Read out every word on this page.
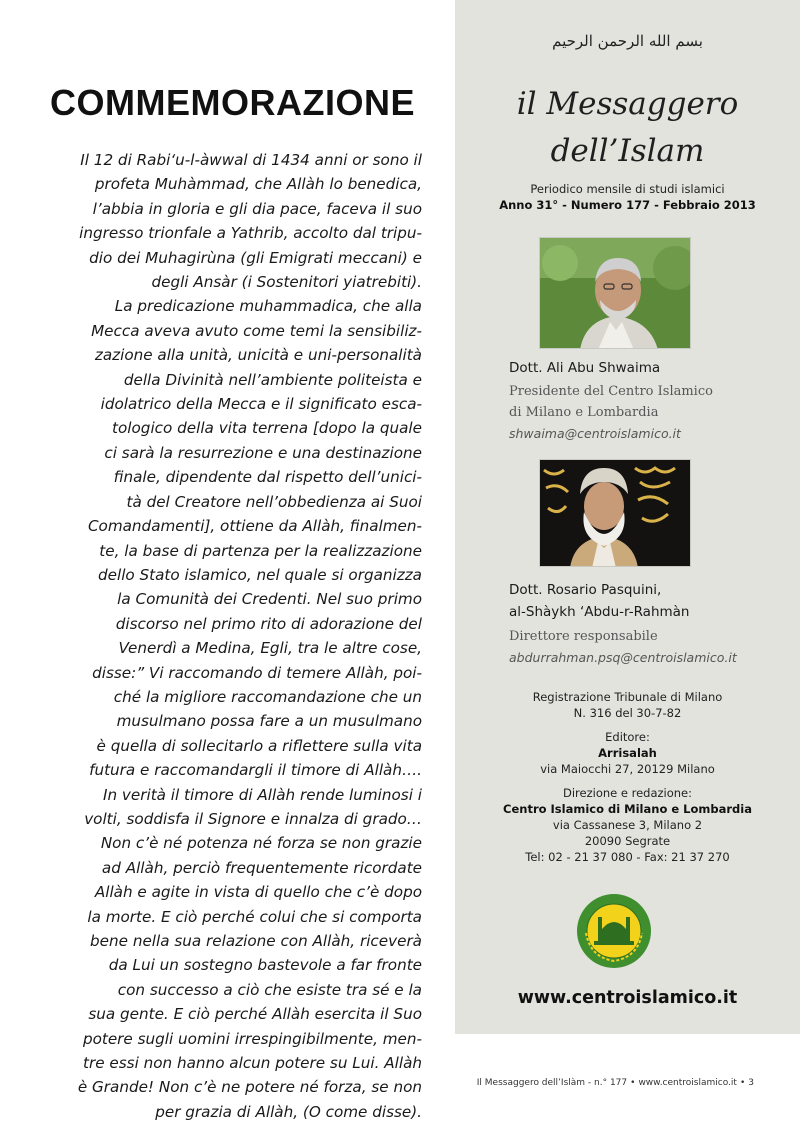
COMMEMORAZIONE
Il 12 di Rabi‘u-l-àwwal di 1434 anni or sono il
profeta Muhàmmad, che Allàh lo benedica,
l’abbia in gloria e gli dia pace, faceva il suo
ingresso trionfale a Yathrib, accolto dal tripu-
dio dei Muhagirùna (gli Emigrati meccani) e
degli Ansàr (i Sostenitori yiatrebiti).
La predicazione muhammadica, che alla
Mecca aveva avuto come temi la sensibiliz-
zazione alla unità, unicità e uni-personalità
della Divinità nell’ambiente politeista e
idolatrico della Mecca e il significato esca-
tologico della vita terrena [dopo la quale
ci sarà la resurrezione e una destinazione
finale, dipendente dal rispetto dell’unici-
tà del Creatore nell’obbedienza ai Suoi
Comandamenti], ottiene da Allàh, finalmen-
te, la base di partenza per la realizzazione
dello Stato islamico, nel quale si organizza
la Comunità dei Credenti. Nel suo primo
discorso nel primo rito di adorazione del
Venerdì a Medina, Egli, tra le altre cose,
disse:” Vi raccomando di temere Allàh, poi-
ché la migliore raccomandazione che un
musulmano possa fare a un musulmano
è quella di sollecitarlo a riflettere sulla vita
futura e raccomandargli il timore di Allàh….
In verità il timore di Allàh rende luminosi i
volti, soddisfa il Signore e innalza di grado…
Non c’è né potenza né forza se non grazie
ad Allàh, perciò frequentemente ricordate
Allàh e agite in vista di quello che c’è dopo
la morte. E ciò perché colui che si comporta
bene nella sua relazione con Allàh, riceverà
da Lui un sostegno bastevole a far fronte
con successo a ciò che esiste tra sé e la
sua gente. E ciò perché Allàh esercita il Suo
potere sugli uomini irrespingibilmente, men-
tre essi non hanno alcun potere su Lui. Allàh
è Grande! Non c’è ne potere né forza, se non
per grazia di Allàh, (O come disse).
بسم الله الرحمن الرحيم
il Messaggero
dell’Islam
Periodico mensile di studi islamici
Anno 31° - Numero 177 - Febbraio 2013
Dott. Ali Abu Shwaima
Presidente del Centro Islamico
di Milano e Lombardia
shwaima@centroislamico.it
Dott. Rosario Pasquini,
al-Shàykh ‘Abdu-r-Rahmàn
Direttore responsabile
abdurrahman.psq@centroislamico.it
Registrazione Tribunale di Milano
N. 316 del 30-7-82
Editore:
Arrisalah
via Maiocchi 27, 20129 Milano
Direzione e redazione:
Centro Islamico di Milano e Lombardia
via Cassanese 3, Milano 2
20090 Segrate
Tel: 02 - 21 37 080 - Fax: 21 37 270
www.centroislamico.it
Il Messaggero dell’Islàm - n.° 177 • www.centroislamico.it • 3
